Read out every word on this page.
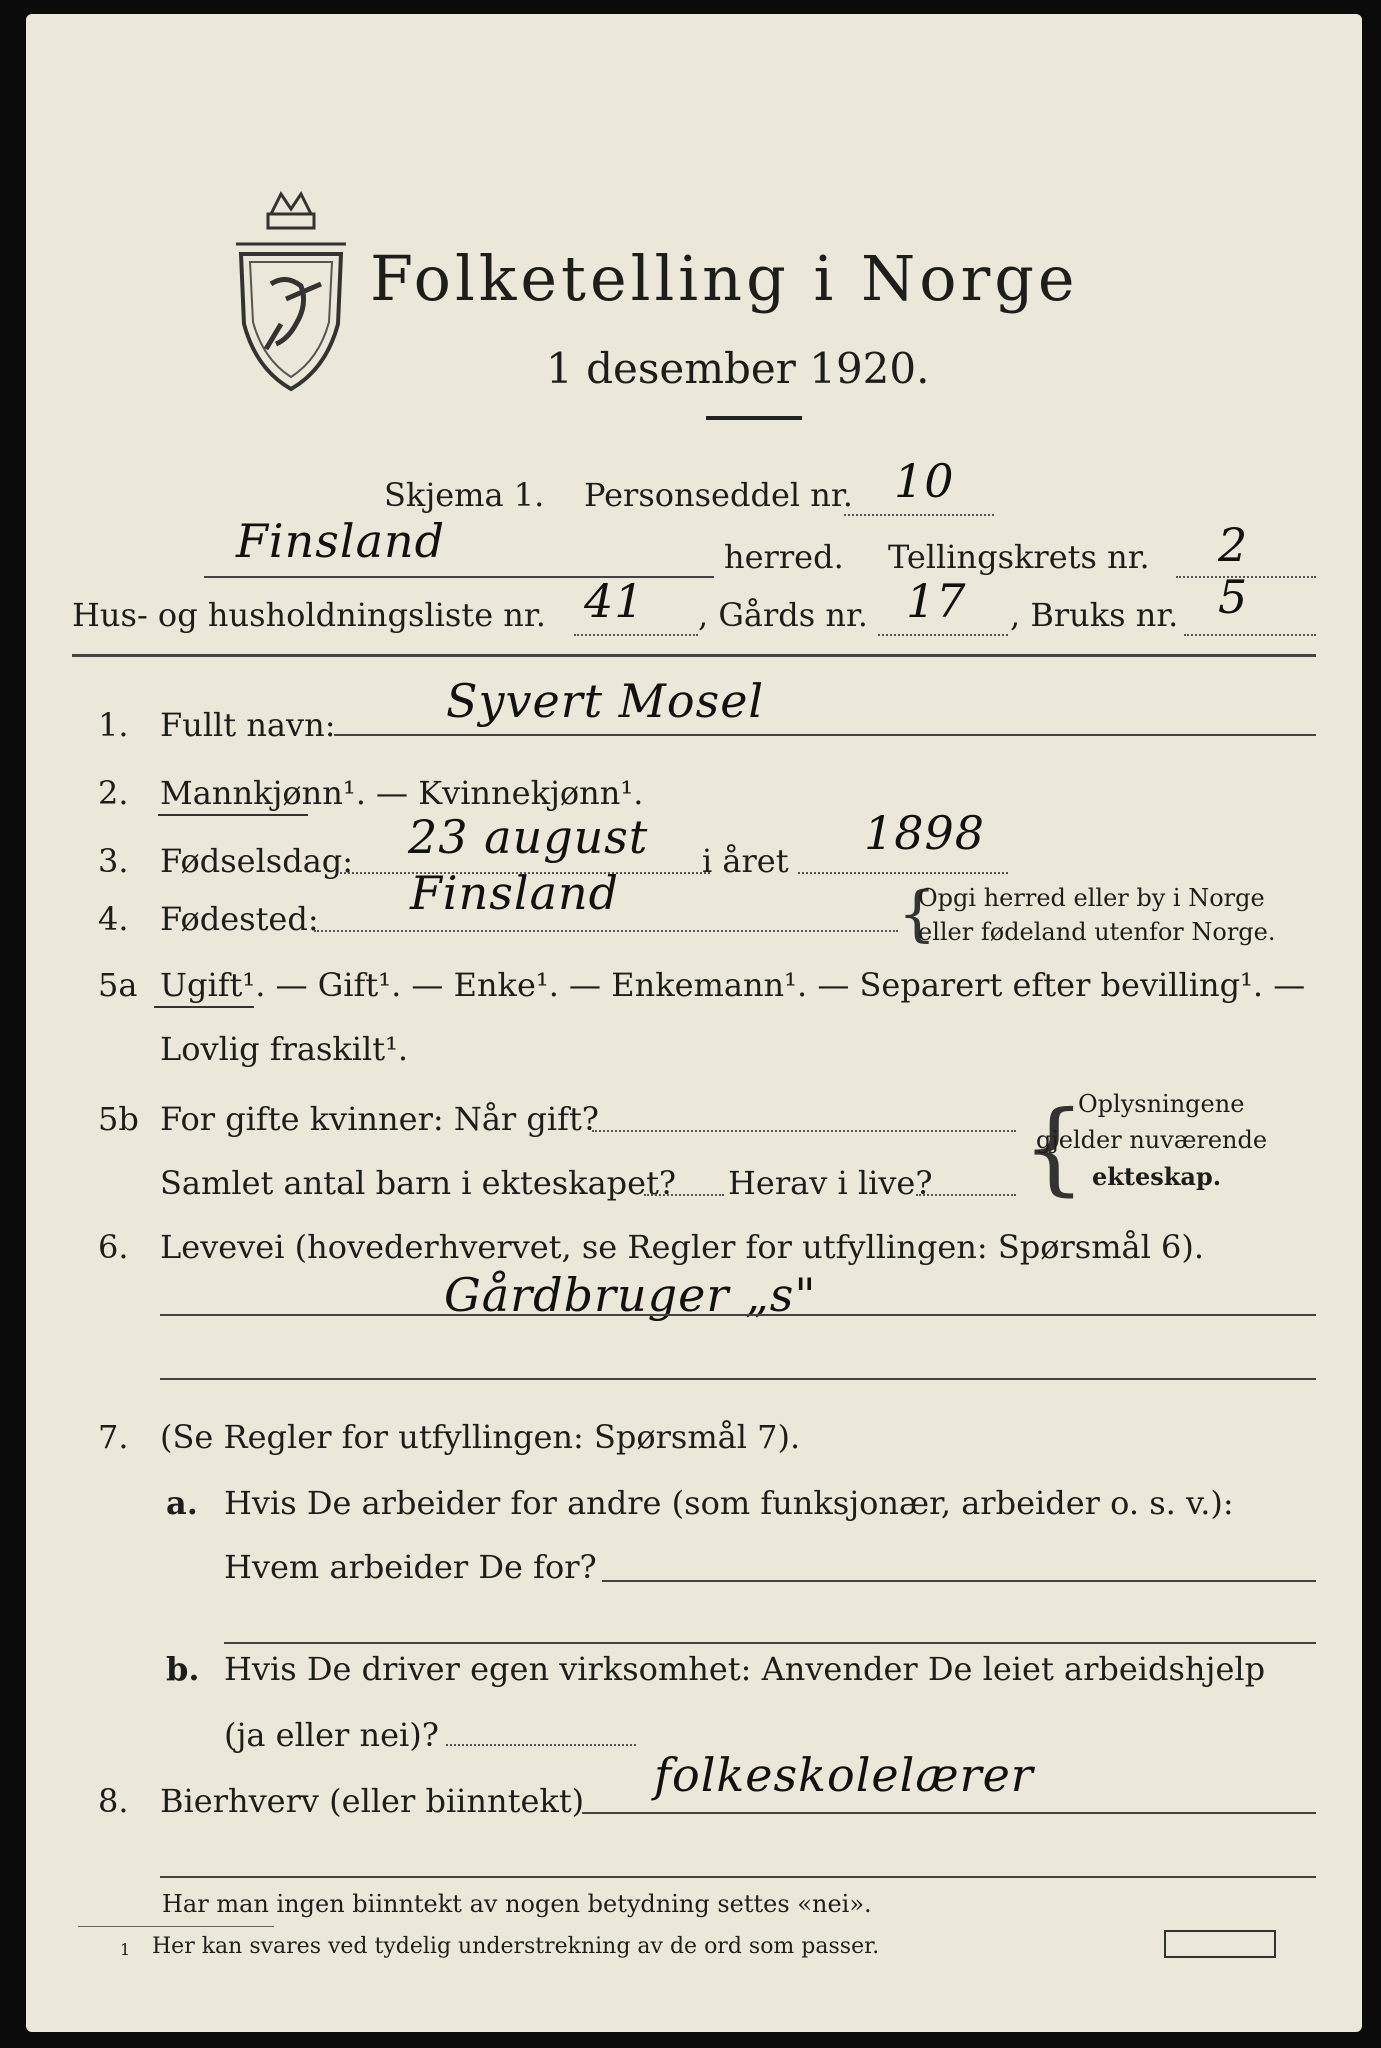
Folketelling i Norge
1 desember 1920.
Skjema 1. Personseddel nr. 10
Finsland	herred. Tellingskrets nr. 2
Hus- og husholdningsliste nr. 41 , Gårds nr. 17 , Bruks nr. 5
1. Fullt navn: Syvert Mosel
2. Mannkjønn¹. — Kvinnekjønn¹.
3. Fødselsdag: 23 august i året
1898
4. Fødested: Finsland	{
Opgi herred eller by i Norge
eller fødeland utenfor Norge.
5a Ugift¹. — Gift¹. — Enke¹. — Enkemann¹. — Separert efter bevilling¹. —
Lovlig fraskilt¹.
5b For gifte kvinner: Når gift?
Samlet antal barn i ekteskapet? Herav i live? {
Oplysningene
gjelder nuværende
ekteskap.
6. Levevei (hovederhvervet, se Regler for utfyllingen: Spørsmål 6).
Gårdbruger „s"
7. (Se Regler for utfyllingen: Spørsmål 7).
a. Hvis De arbeider for andre (som funksjonær, arbeider o. s. v.):
Hvem arbeider De for?
b. Hvis De driver egen virksomhet: Anvender De leiet arbeidshjelp
(ja eller nei)?
8. Bierhverv (eller biinntekt) folkeskolelærer
Har man ingen biinntekt av nogen betydning settes «nei».
1 Her kan svares ved tydelig understrekning av de ord som passer.
